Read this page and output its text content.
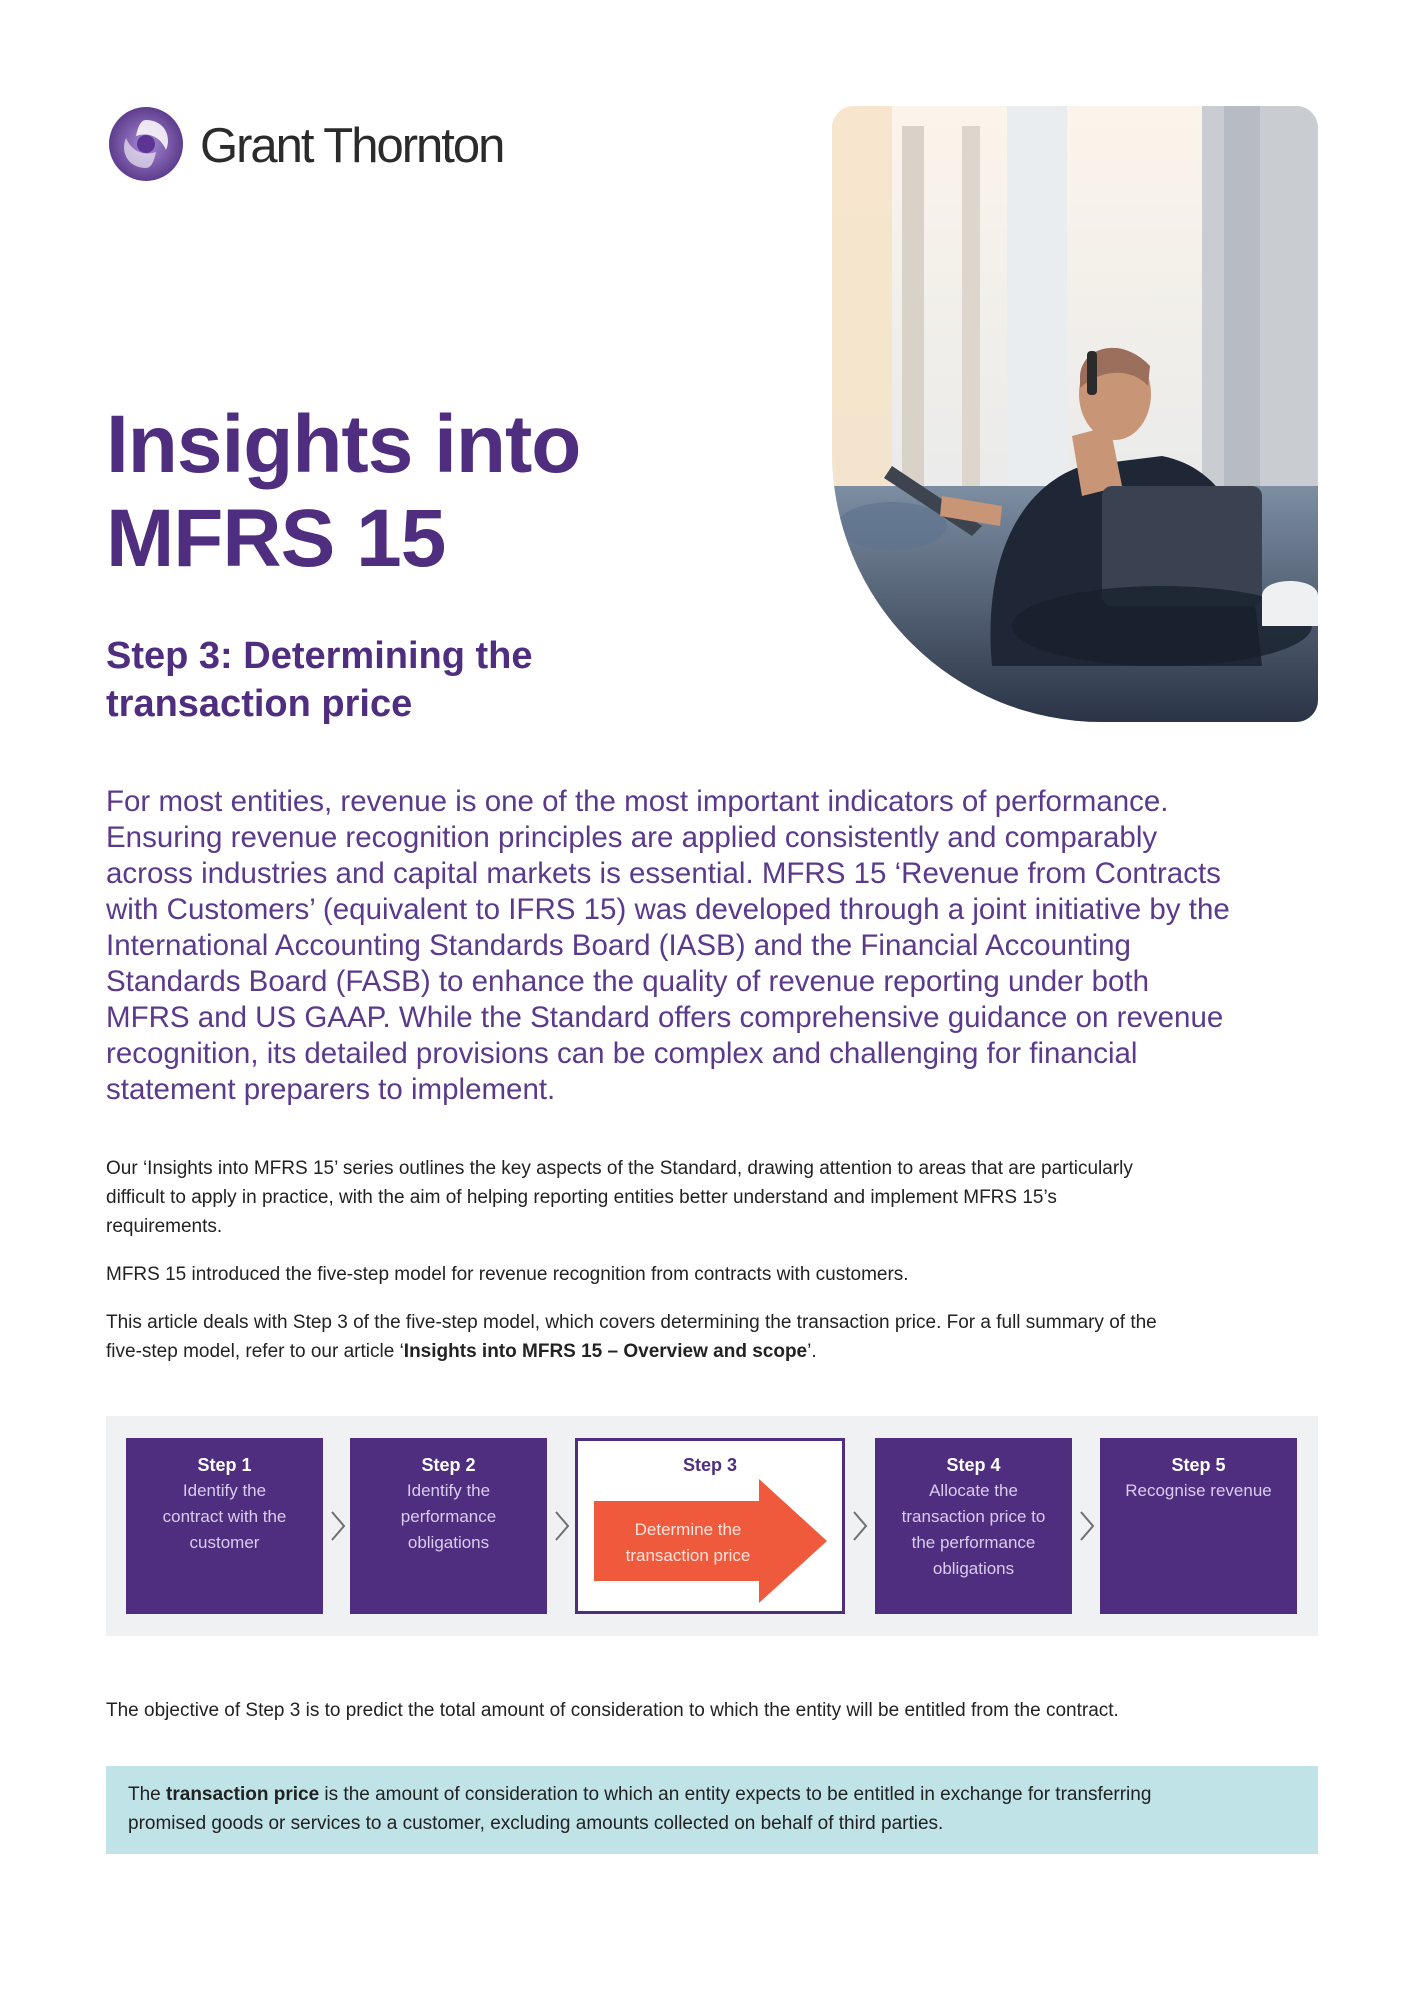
Grant Thornton
Insights into
MFRS 15
Step 3: Determining the
transaction price
For most entities, revenue is one of the most important indicators of performance.
Ensuring revenue recognition principles are applied consistently and comparably
across industries and capital markets is essential. MFRS 15 ‘Revenue from Contracts
with Customers’ (equivalent to IFRS 15) was developed through a joint initiative by the
International Accounting Standards Board (IASB) and the Financial Accounting
Standards Board (FASB) to enhance the quality of revenue reporting under both
MFRS and US GAAP. While the Standard offers comprehensive guidance on revenue
recognition, its detailed provisions can be complex and challenging for financial
statement preparers to implement.
Our ‘Insights into MFRS 15’ series outlines the key aspects of the Standard, drawing attention to areas that are particularly
difficult to apply in practice, with the aim of helping reporting entities better understand and implement MFRS 15’s
requirements.
MFRS 15 introduced the five-step model for revenue recognition from contracts with customers.
This article deals with Step 3 of the five-step model, which covers determining the transaction price. For a full summary of the
five-step model, refer to our article ‘Insights into MFRS 15 – Overview and scope’.
Step 1
Identify the
contract with the
customer
Step 2
Identify the
performance
obligations
Step 3
Determine the
transaction price
Step 4
Allocate the
transaction price to
the performance
obligations
Step 5
Recognise revenue
The objective of Step 3 is to predict the total amount of consideration to which the entity will be entitled from the contract.
The transaction price is the amount of consideration to which an entity expects to be entitled in exchange for transferring
promised goods or services to a customer, excluding amounts collected on behalf of third parties.
